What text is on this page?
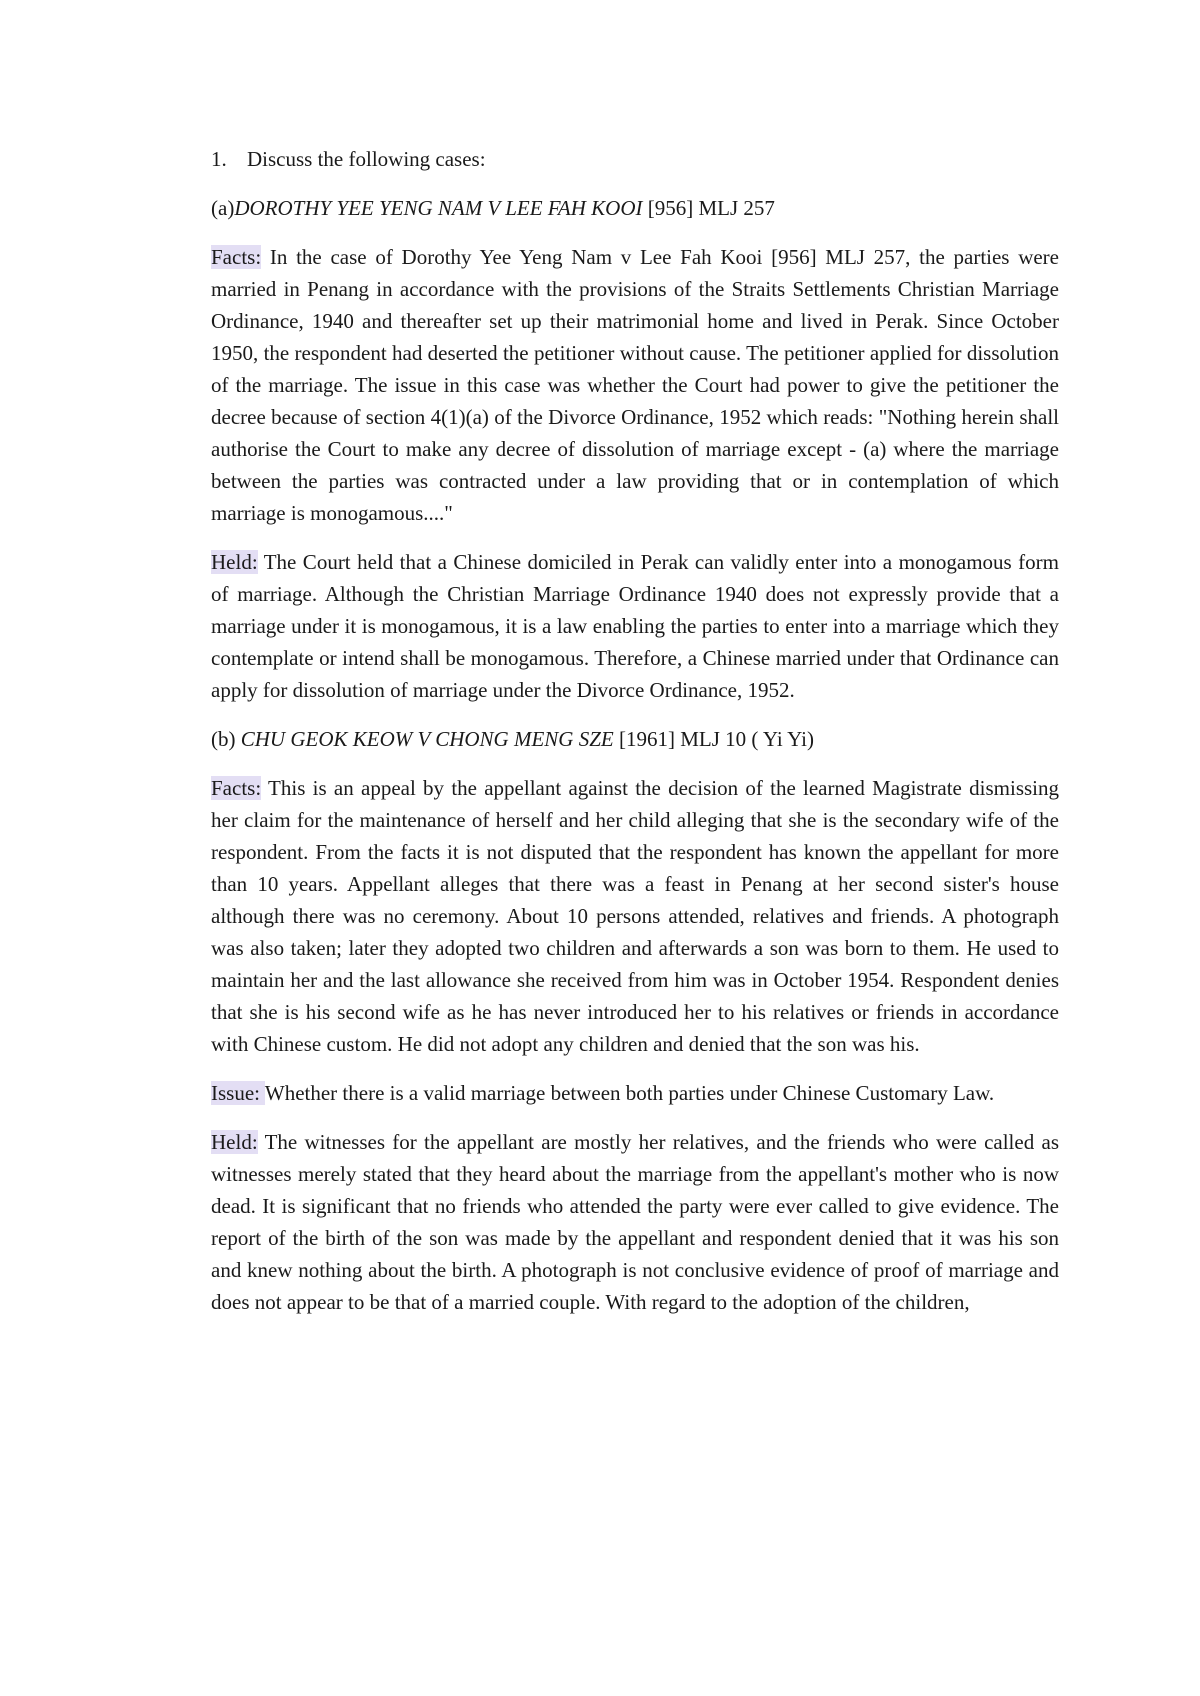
1. Discuss the following cases:
(a)DOROTHY YEE YENG NAM V LEE FAH KOOI [956] MLJ 257

Facts: In the case of Dorothy Yee Yeng Nam v Lee Fah Kooi [956] MLJ 257, the parties were married in Penang in accordance with the provisions of the Straits Settlements Christian Marriage Ordinance, 1940 and thereafter set up their matrimonial home and lived in Perak. Since October 1950, the respondent had deserted the petitioner without cause. The petitioner applied for dissolution of the marriage. The issue in this case was whether the Court had power to give the petitioner the decree because of section 4(1)(a) of the Divorce Ordinance, 1952 which reads: "Nothing herein shall authorise the Court to make any decree of dissolution of marriage except - (a) where the marriage between the parties was contracted under a law providing that or in contemplation of which marriage is monogamous...."

Held: The Court held that a Chinese domiciled in Perak can validly enter into a monogamous form of marriage. Although the Christian Marriage Ordinance 1940 does not expressly provide that a marriage under it is monogamous, it is a law enabling the parties to enter into a marriage which they contemplate or intend shall be monogamous. Therefore, a Chinese married under that Ordinance can apply for dissolution of marriage under the Divorce Ordinance, 1952.

(b) CHU GEOK KEOW V CHONG MENG SZE [1961] MLJ 10 ( Yi Yi)

Facts: This is an appeal by the appellant against the decision of the learned Magistrate dismissing her claim for the maintenance of herself and her child alleging that she is the secondary wife of the respondent. From the facts it is not disputed that the respondent has known the appellant for more than 10 years. Appellant alleges that there was a feast in Penang at her second sister's house although there was no ceremony. About 10 persons attended, relatives and friends. A photograph was also taken; later they adopted two children and afterwards a son was born to them. He used to maintain her and the last allowance she received from him was in October 1954. Respondent denies that she is his second wife as he has never introduced her to his relatives or friends in accordance with Chinese custom. He did not adopt any children and denied that the son was his.

Issue: Whether there is a valid marriage between both parties under Chinese Customary Law.

Held: The witnesses for the appellant are mostly her relatives, and the friends who were called as witnesses merely stated that they heard about the marriage from the appellant's mother who is now dead. It is significant that no friends who attended the party were ever called to give evidence. The report of the birth of the son was made by the appellant and respondent denied that it was his son and knew nothing about the birth. A photograph is not conclusive evidence of proof of marriage and does not appear to be that of a married couple. With regard to the adoption of the children,
